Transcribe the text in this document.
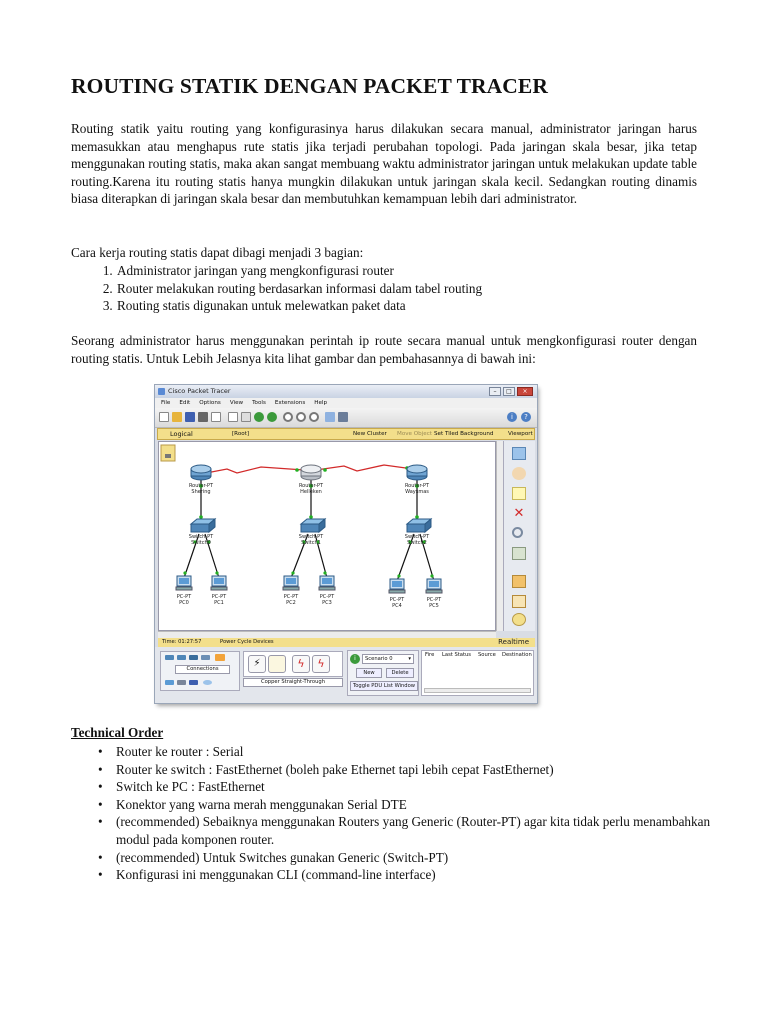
ROUTING STATIK DENGAN PACKET TRACER

Routing statik yaitu routing yang konfigurasinya harus dilakukan secara manual, administrator jaringan harus memasukkan atau menghapus rute statis jika terjadi perubahan topologi. Pada jaringan skala besar, jika tetap menggunakan routing statis, maka akan sangat membuang waktu administrator jaringan untuk melakukan update table routing.Karena itu routing statis hanya mungkin dilakukan untuk jaringan skala kecil. Sedangkan routing dinamis biasa diterapkan di jaringan skala besar dan membutuhkan kemampuan lebih dari administrator.

Cara kerja routing statis dapat dibagi menjadi 3 bagian:

1. Administrator jaringan yang mengkonfigurasi router
2. Router melakukan routing berdasarkan informasi dalam tabel routing
3. Routing statis digunakan untuk melewatkan paket data

Seorang administrator harus menggunakan perintah ip route secara manual untuk mengkonfigurasi router dengan routing statis. Untuk Lebih Jelasnya kita lihat gambar dan pembahasannya di bawah ini:

Cisco Packet Tracer	–	□	×
File Edit Options View Tools Extensions Help
i	?
Logical	[Root]	New Cluster Move Object Set Tiled Background	Viewport
Router-PT
Shering
Router-PT
Helleken
Router-PT
Waysmas
Switch-PT
Switch0
Switch-PT
Switch1
Switch-PT
Switch2
PC-PT
PC0
PC-PT
PC1
PC-PT
PC2
PC-PT
PC3	PC-PT
PC4
PC-PT
PC5
✕
Time: 01:27:57	Power Cycle Devices	Realtime
Connections	⚡	ϟ	ϟ
Copper Straight-Through
i	Scenario 0	▾
New	Delete
Toggle PDU List Window
Fire Last Status Source Destination

Technical Order

• Router ke router : Serial
• Router ke switch : FastEthernet (boleh pake Ethernet tapi lebih cepat FastEthernet)
• Switch ke PC : FastEthernet
• Konektor yang warna merah menggunakan Serial DTE
• (recommended) Sebaiknya menggunakan Routers yang Generic (Router-PT) agar kita tidak perlu menambahkan modul pada komponen router.
• (recommended) Untuk Switches gunakan Generic (Switch-PT)
• Konfigurasi ini menggunakan CLI (command-line interface)
